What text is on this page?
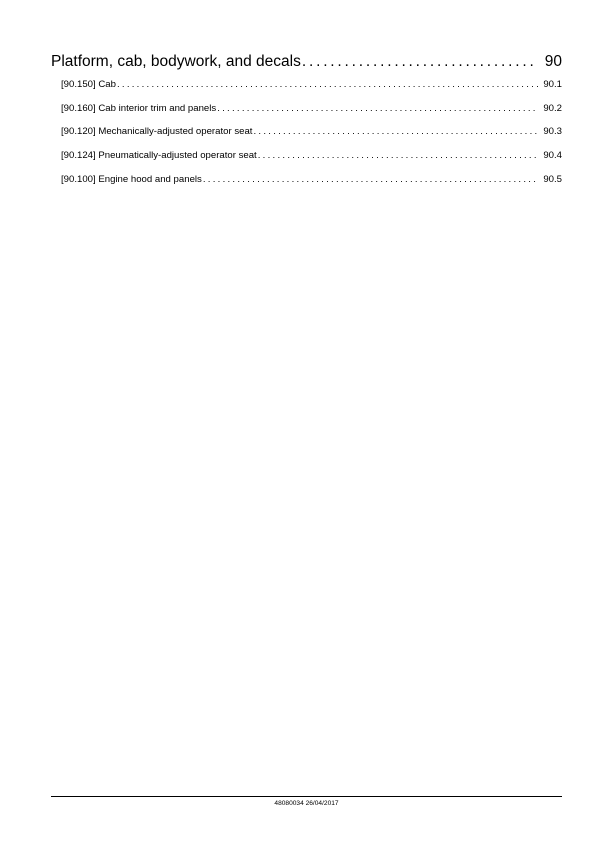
Platform, cab, bodywork, and decals . . .	90
[90.150] Cab . . .	90.1
[90.160] Cab interior trim and panels . . .	90.2
[90.120] Mechanically-adjusted operator seat . . .	90.3
[90.124] Pneumatically-adjusted operator seat . . .	90.4
[90.100] Engine hood and panels . . .	90.5
48080034 26/04/2017
